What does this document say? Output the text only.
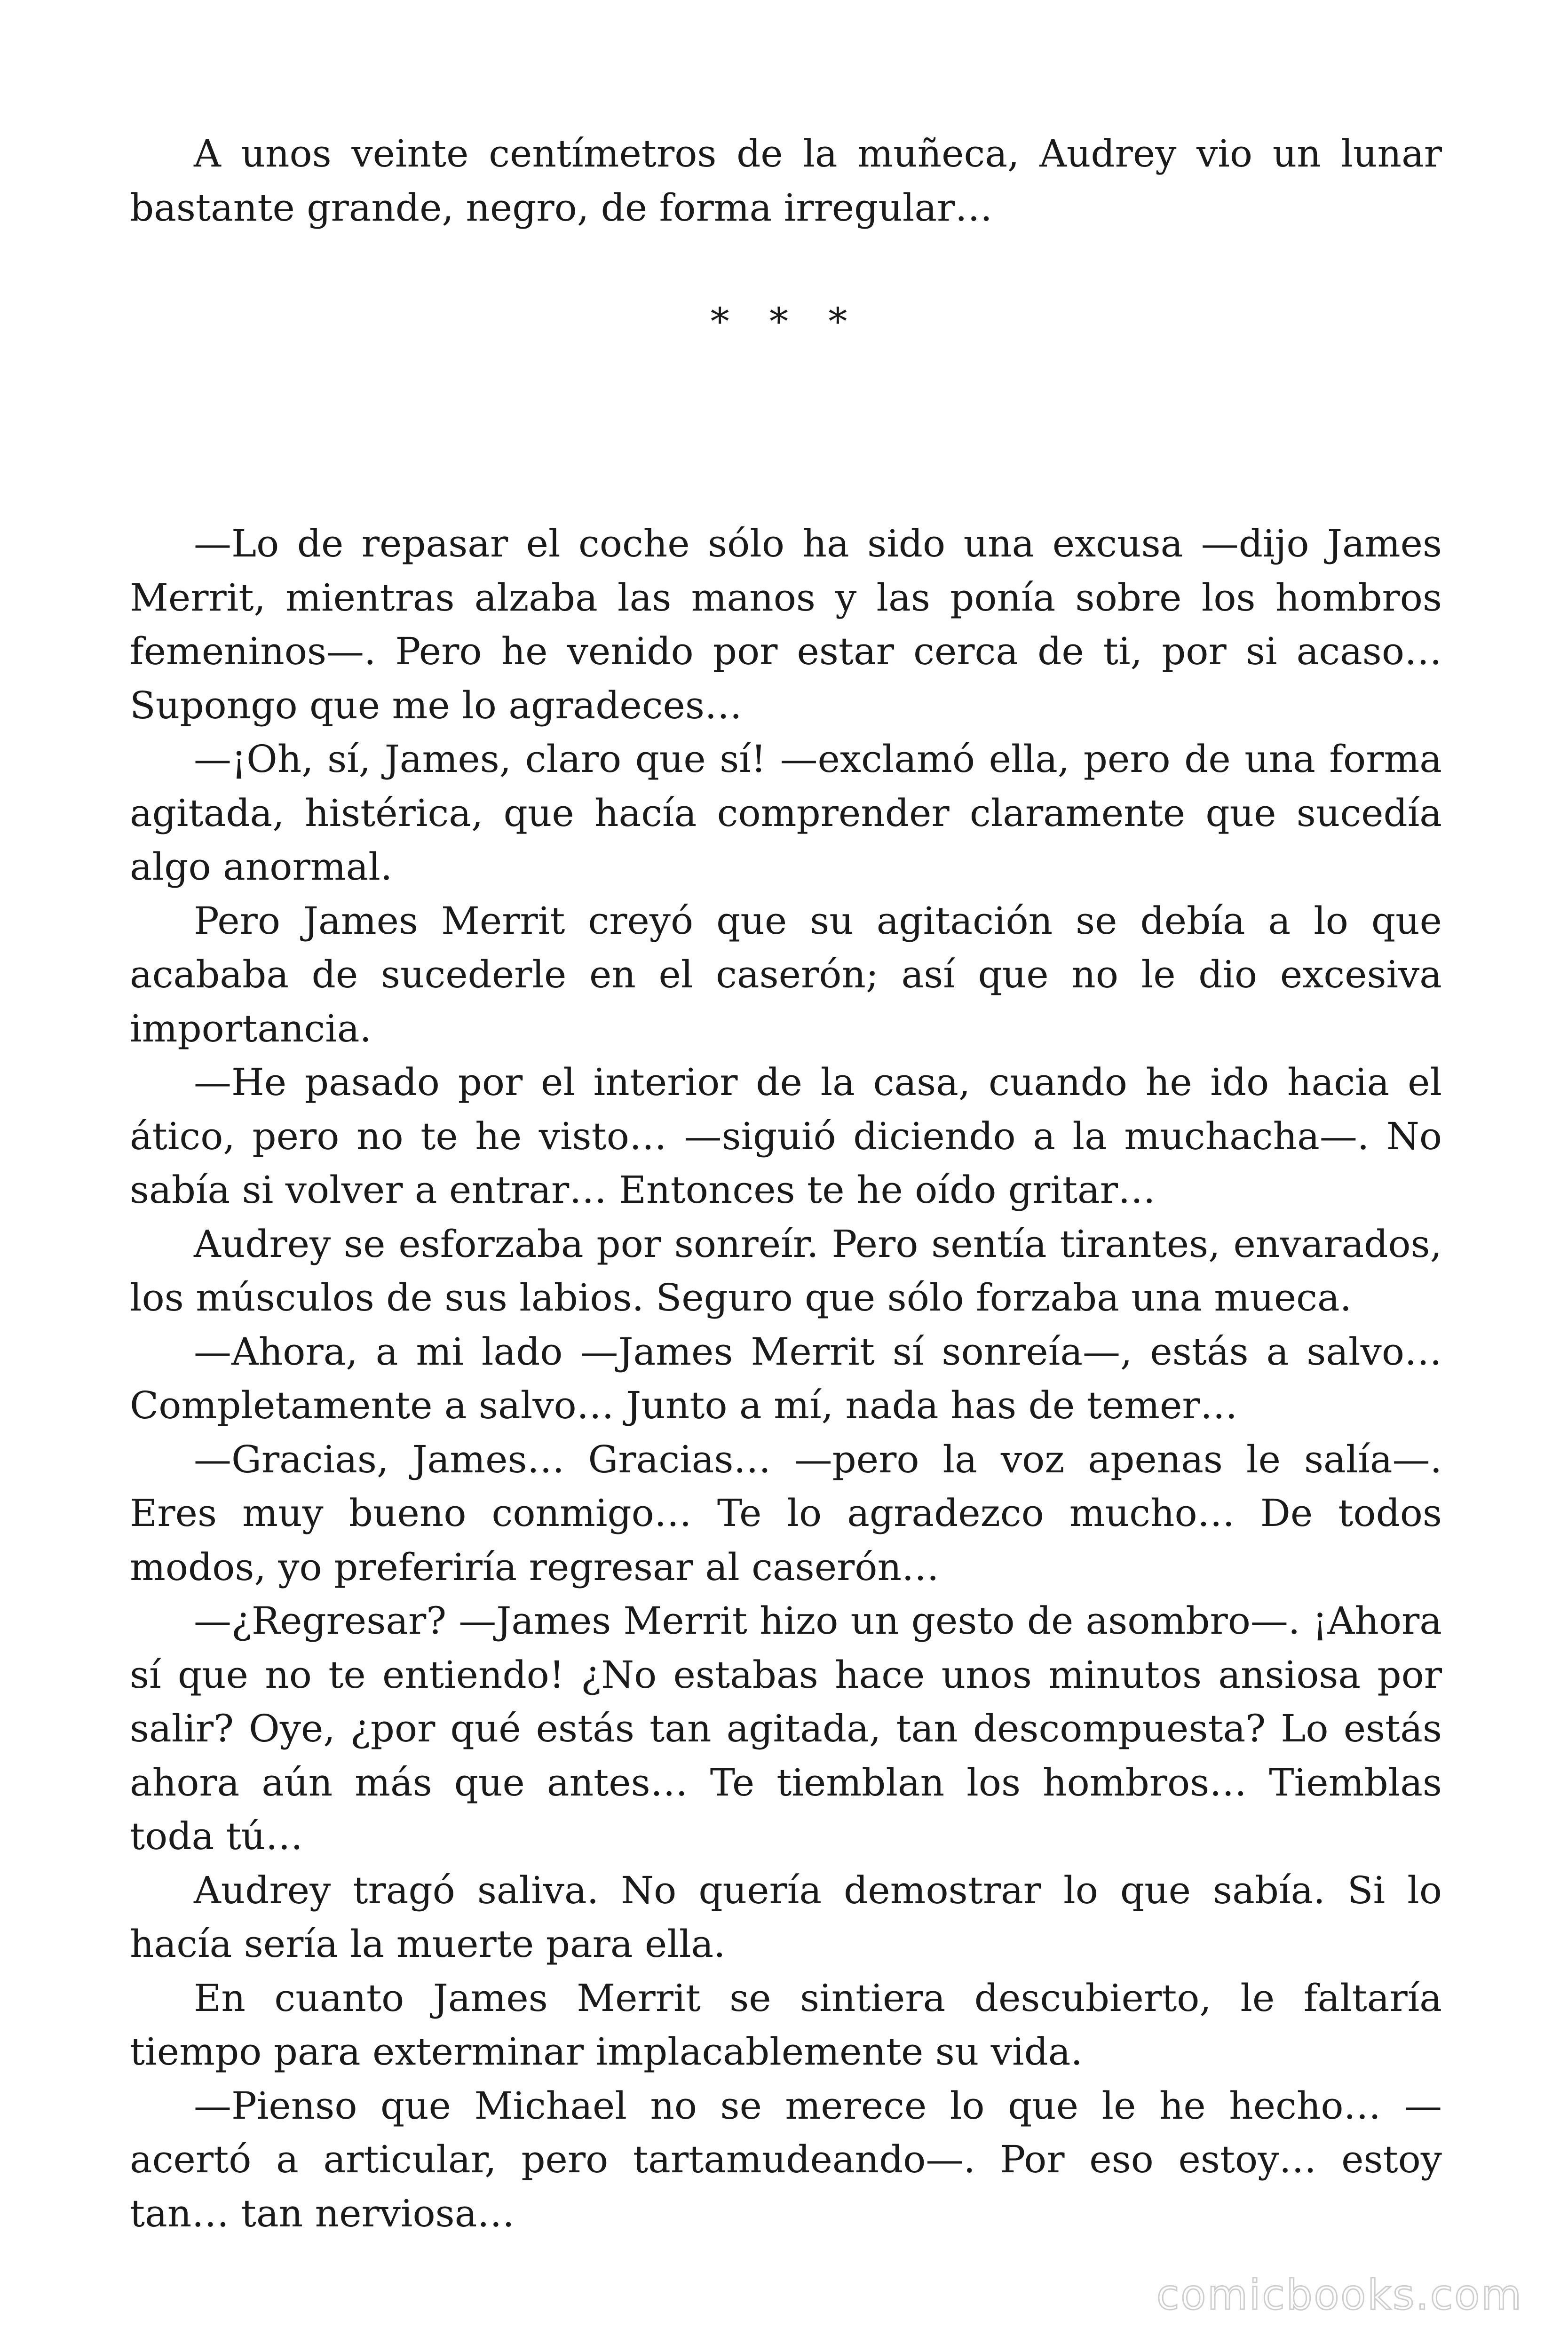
A unos veinte centímetros de la muñeca, Audrey vio un lunar bastante grande, negro, de forma irregular…

* * *

—Lo de repasar el coche sólo ha sido una excusa —dijo James Merrit, mientras alzaba las manos y las ponía sobre los hombros femeninos—. Pero he venido por estar cerca de ti, por si acaso… Supongo que me lo agradeces…

—¡Oh, sí, James, claro que sí! —exclamó ella, pero de una forma agitada, histérica, que hacía comprender claramente que sucedía algo anormal.

Pero James Merrit creyó que su agitación se debía a lo que acababa de sucederle en el caserón; así que no le dio excesiva importancia.

—He pasado por el interior de la casa, cuando he ido hacia el ático, pero no te he visto… —siguió diciendo a la muchacha—. No sabía si volver a entrar… Entonces te he oído gritar…

Audrey se esforzaba por sonreír. Pero sentía tirantes, envarados, los músculos de sus labios. Seguro que sólo forzaba una mueca.

—Ahora, a mi lado —James Merrit sí sonreía—, estás a salvo… Completamente a salvo… Junto a mí, nada has de temer…

—Gracias, James… Gracias… —pero la voz apenas le salía—. Eres muy bueno conmigo… Te lo agradezco mucho… De todos modos, yo preferiría regresar al caserón…

—¿Regresar? —James Merrit hizo un gesto de asombro—. ¡Ahora sí que no te entiendo! ¿No estabas hace unos minutos ansiosa por salir? Oye, ¿por qué estás tan agitada, tan descompuesta? Lo estás ahora aún más que antes… Te tiemblan los hombros… Tiemblas toda tú…

Audrey tragó saliva. No quería demostrar lo que sabía. Si lo hacía sería la muerte para ella.

En cuanto James Merrit se sintiera descubierto, le faltaría tiempo para exterminar implacablemente su vida.

—Pienso que Michael no se merece lo que le he hecho… — acertó a articular, pero tartamudeando—. Por eso estoy… estoy tan… tan nerviosa…

comicbooks.com
